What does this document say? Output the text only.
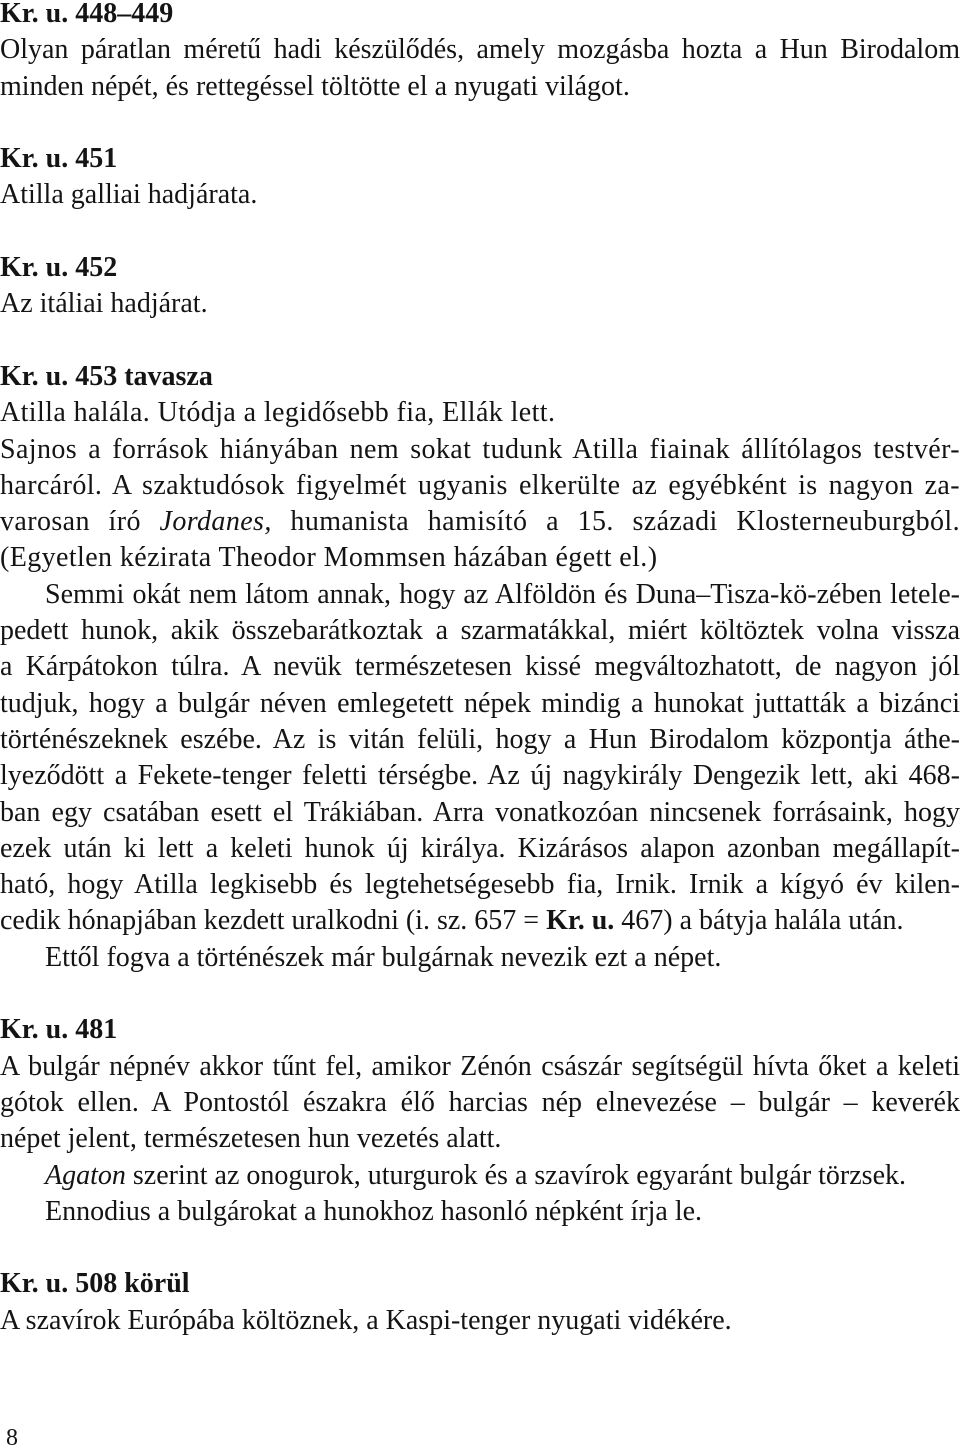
Kr. u. 448–449
Olyan páratlan méretű hadi készülődés, amely mozgásba hozta a Hun Birodalom
minden népét, és rettegéssel töltötte el a nyugati világot.
Kr. u. 451
Atilla galliai hadjárata.
Kr. u. 452
Az itáliai hadjárat.
Kr. u. 453 tavasza
Atilla halála. Utódja a legidősebb fia, Ellák lett.
Sajnos a források hiányában nem sokat tudunk Atilla fiainak állítólagos testvér-
harcáról. A szaktudósok figyelmét ugyanis elkerülte az egyébként is nagyon za-
varosan író Jordanes, humanista hamisító a 15. századi Klosterneuburgból.
(Egyetlen kézirata Theodor Mommsen házában égett el.)
Semmi okát nem látom annak, hogy az Alföldön és Duna–Tisza-kö-zében letele-
pedett hunok, akik összebarátkoztak a szarmatákkal, miért költöztek volna vissza
a Kárpátokon túlra. A nevük természetesen kissé megváltozhatott, de nagyon jól
tudjuk, hogy a bulgár néven emlegetett népek mindig a hunokat juttatták a bizánci
történészeknek eszébe. Az is vitán felüli, hogy a Hun Birodalom központja áthe-
lyeződött a Fekete-tenger feletti térségbe. Az új nagykirály Dengezik lett, aki 468-
ban egy csatában esett el Trákiában. Arra vonatkozóan nincsenek forrásaink, hogy
ezek után ki lett a keleti hunok új királya. Kizárásos alapon azonban megállapít-
ható, hogy Atilla legkisebb és legtehetségesebb fia, Irnik. Irnik a kígyó év kilen-
cedik hónapjában kezdett uralkodni (i. sz. 657 = Kr. u. 467) a bátyja halála után.
Ettől fogva a történészek már bulgárnak nevezik ezt a népet.
Kr. u. 481
A bulgár népnév akkor tűnt fel, amikor Zénón császár segítségül hívta őket a keleti
gótok ellen. A Pontostól északra élő harcias nép elnevezése – bulgár – keverék
népet jelent, természetesen hun vezetés alatt.
Agaton szerint az onogurok, uturgurok és a szavírok egyaránt bulgár törzsek.
Ennodius a bulgárokat a hunokhoz hasonló népként írja le.
Kr. u. 508 körül
A szavírok Európába költöznek, a Kaspi-tenger nyugati vidékére.
8
